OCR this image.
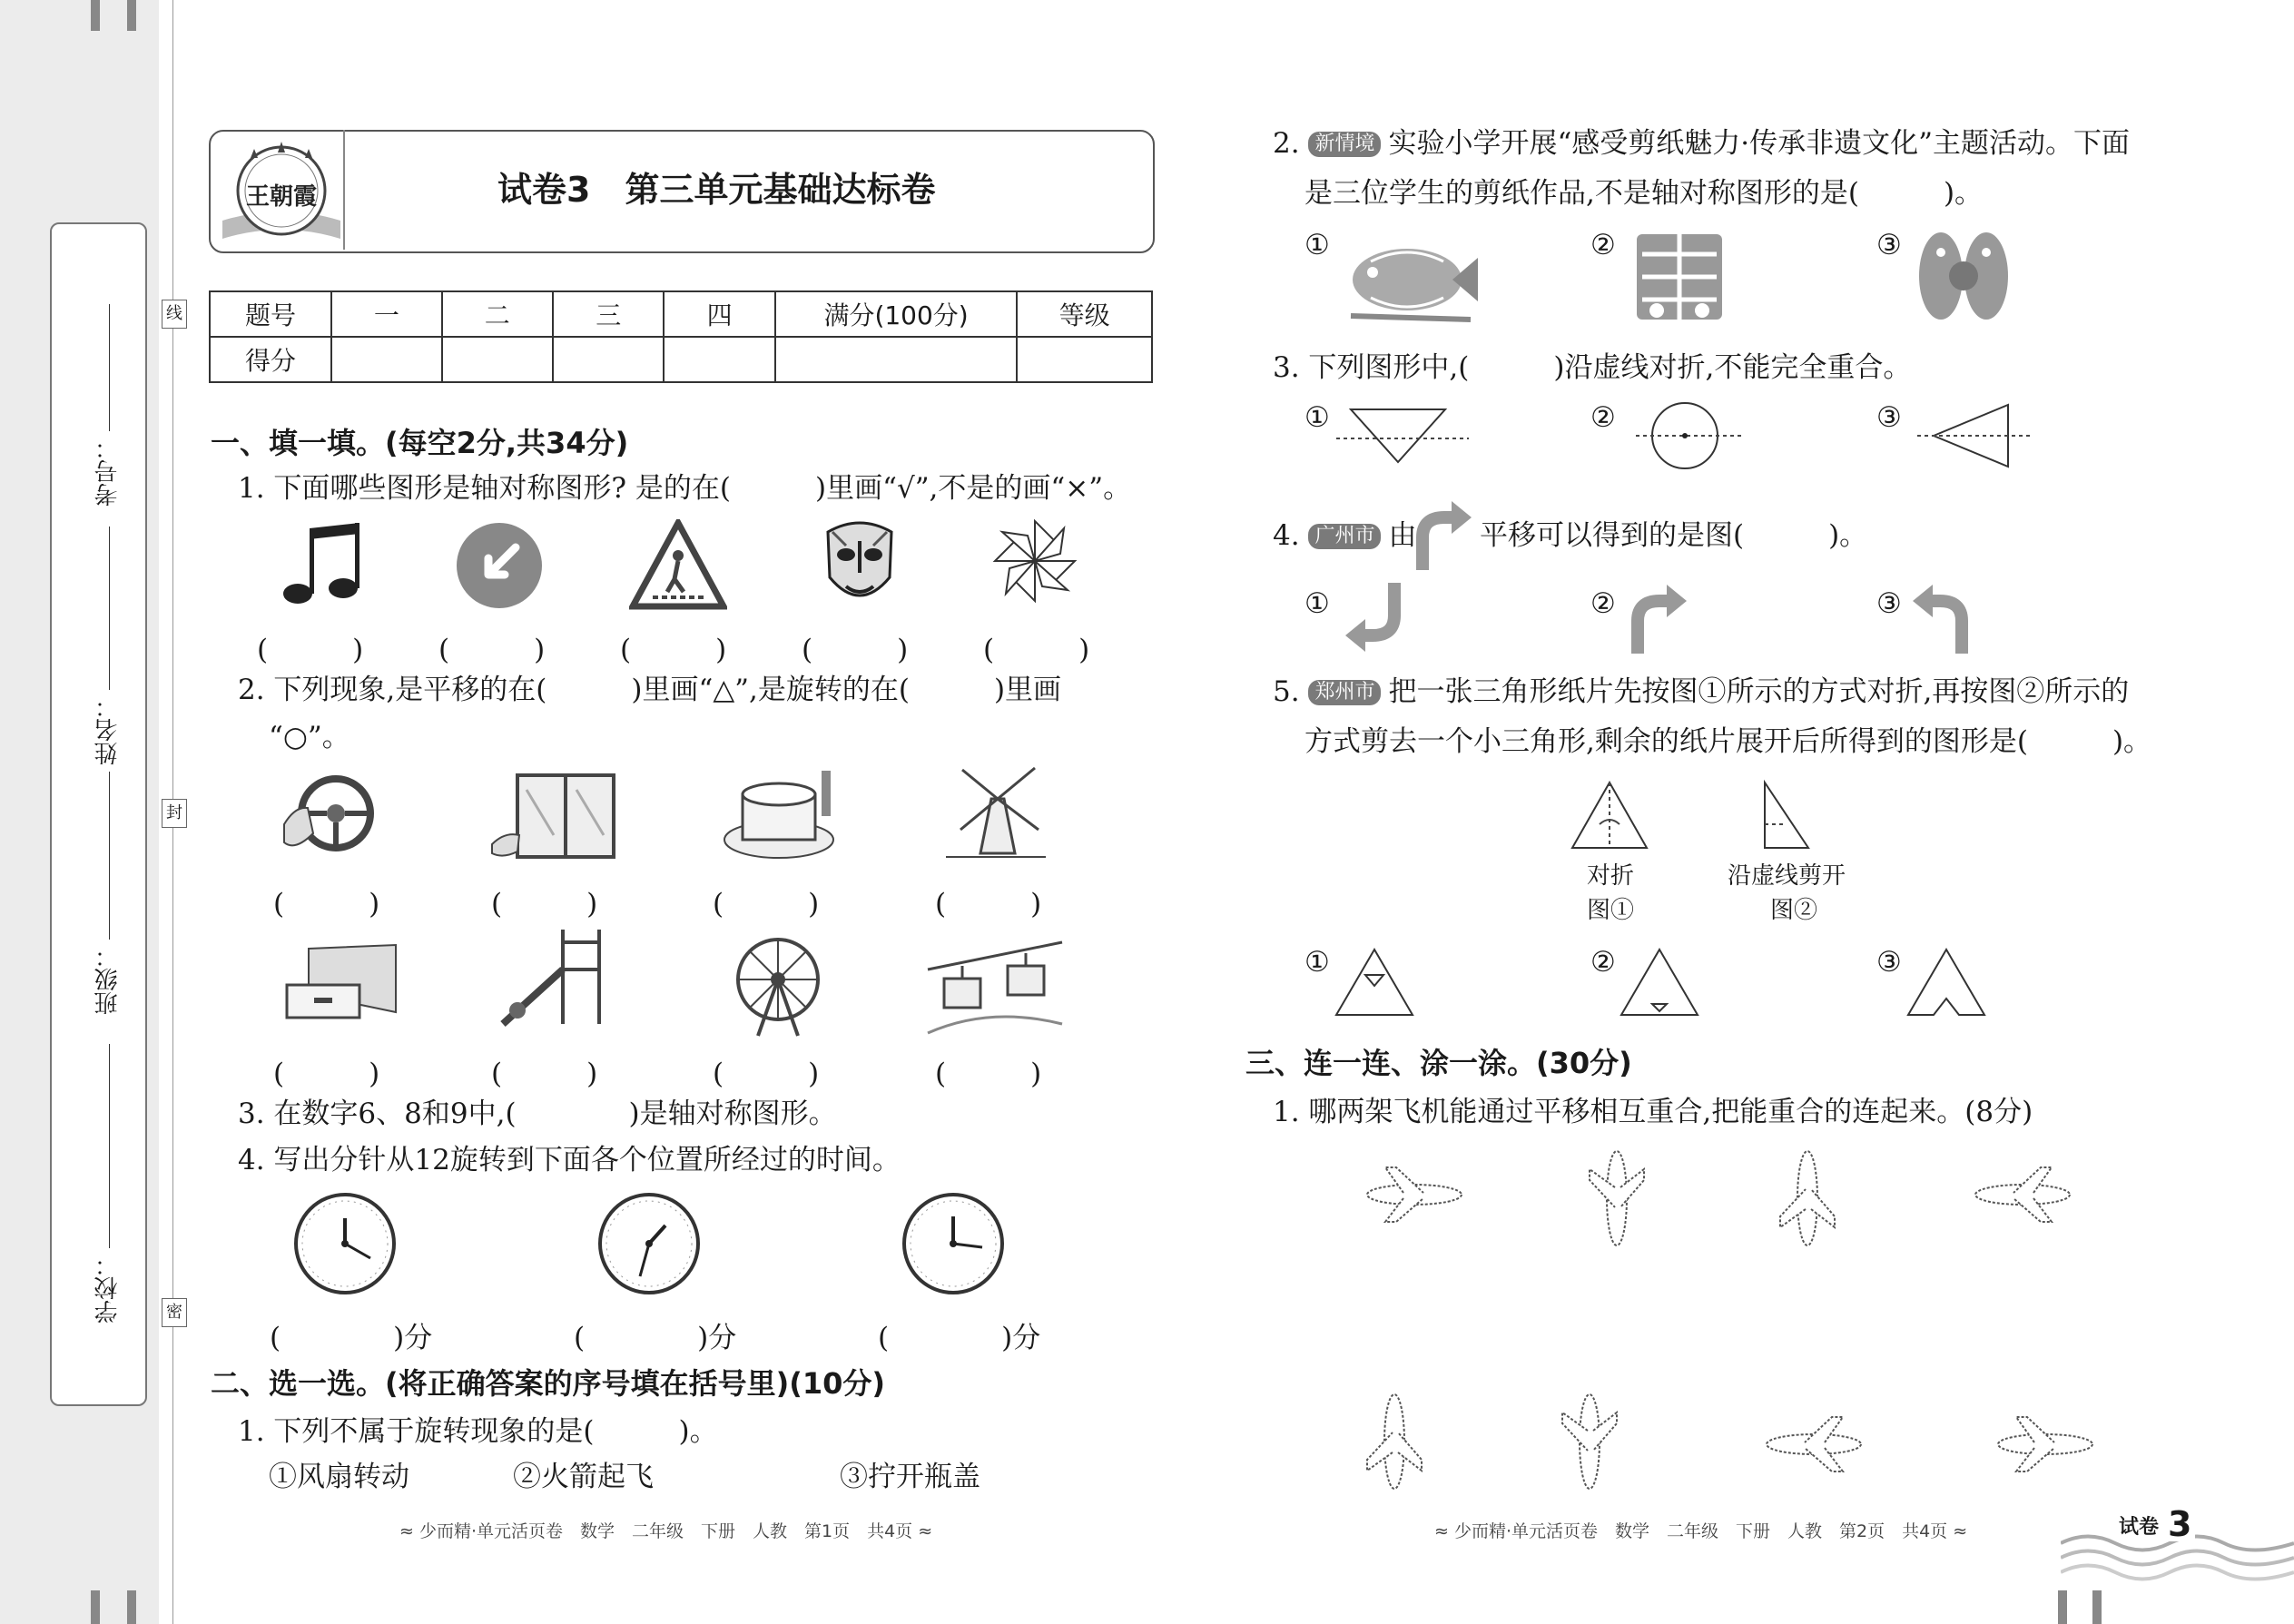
学校：
班级：
姓名：
考号：
线
封
密
王朝霞	试卷3　第三单元基础达标卷
题号	一	二	三	四	满分(100分)	等级
得分						
一、填一填。(每空2分,共34分)
1. 下面哪些图形是轴对称图形? 是的在(　　　)里画“√”,不是的画“×”。
(　　　)	(　　　)	(　　　)	(　　　)	(　　　)
2. 下列现象,是平移的在(　　　)里画“△”,是旋转的在(　　　)里画
“○”。
(　　　)	(　　　)	(　　　)	(　　　)
(　　　)	(　　　)	(　　　)	(　　　)
3. 在数字6、8和9中,(　　　　)是轴对称图形。
4. 写出分针从12旋转到下面各个位置所经过的时间。
(　　　　)分	(　　　　)分	(　　　　)分
二、选一选。(将正确答案的序号填在括号里)(10分)
1. 下列不属于旋转现象的是(　　　)。
①风扇转动	②火箭起飞	③拧开瓶盖
≈ 少而精·单元活页卷　数学　二年级　下册　人教　第1页　共4页 ≈
2. 新情境 实验小学开展“感受剪纸魅力·传承非遗文化”主题活动。下面
是三位学生的剪纸作品,不是轴对称图形的是(　　　)。
①	②	③
3. 下列图形中,(　　　)沿虚线对折,不能完全重合。
①	②	③
4. 广州市 由 平移可以得到的是图(　　　)。
①	②	③
5. 郑州市 把一张三角形纸片先按图①所示的方式对折,再按图②所示的
方式剪去一个小三角形,剩余的纸片展开后所得到的图形是(　　　)。
对折
图①
沿虚线剪开
图②
①	②	③
三、连一连、涂一涂。(30分)
1. 哪两架飞机能通过平移相互重合,把能重合的连起来。(8分)
≈ 少而精·单元活页卷　数学　二年级　下册　人教　第2页　共4页 ≈	试卷 3
